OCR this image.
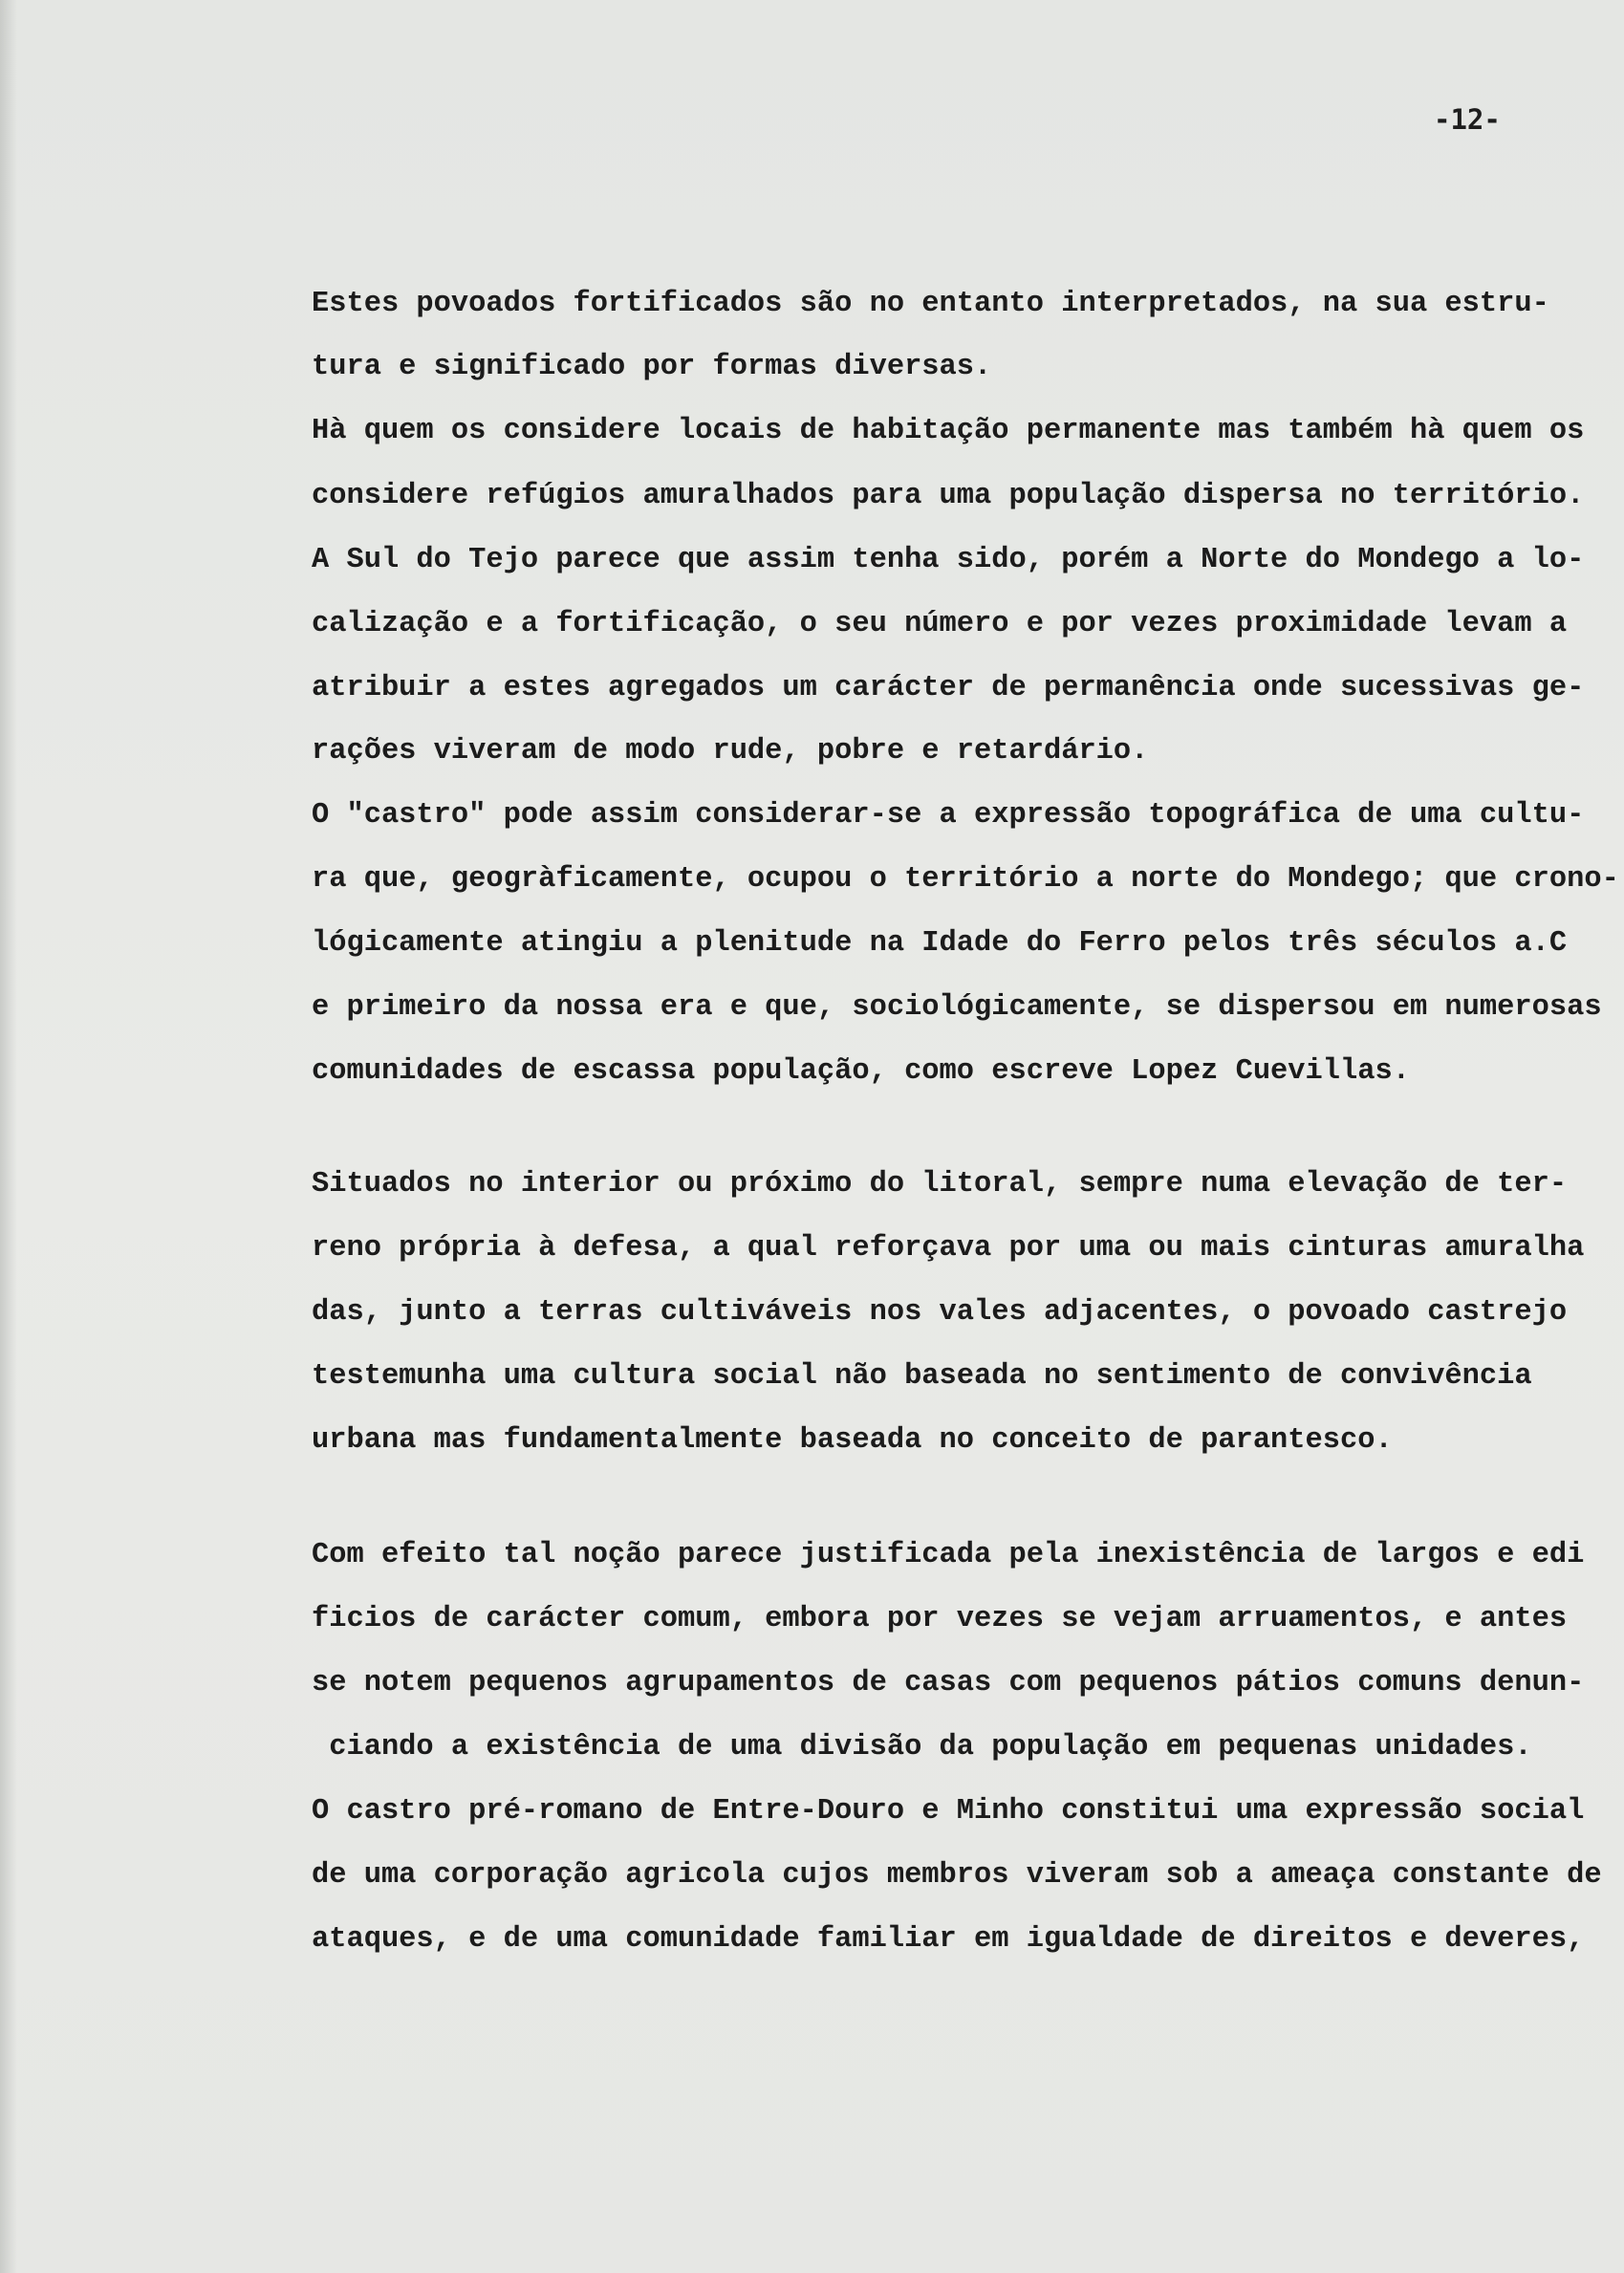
-12-

Estes povoados fortificados são no entanto interpretados, na sua estru-

tura e significado por formas diversas.

Hà quem os considere locais de habitação permanente mas também hà quem os

considere refúgios amuralhados para uma população dispersa no território.

A Sul do Tejo parece que assim tenha sido, porém a Norte do Mondego a lo-

calização e a fortificação, o seu número e por vezes proximidade levam a

atribuir a estes agregados um carácter de permanência onde sucessivas ge-

rações viveram de modo rude, pobre e retardário.

O "castro" pode assim considerar-se a expressão topográfica de uma cultu-

ra que, geogràficamente, ocupou o território a norte do Mondego; que crono-

lógicamente atingiu a plenitude na Idade do Ferro pelos três séculos a.C

e primeiro da nossa era e que, sociológicamente, se dispersou em numerosas

comunidades de escassa população, como escreve Lopez Cuevillas.

Situados no interior ou próximo do litoral, sempre numa elevação de ter-

reno própria à defesa, a qual reforçava por uma ou mais cinturas amuralha

das, junto a terras cultiváveis nos vales adjacentes, o povoado castrejo

testemunha uma cultura social não baseada no sentimento de convivência

urbana mas fundamentalmente baseada no conceito de parantesco.

Com efeito tal noção parece justificada pela inexistência de largos e edi

ficios de carácter comum, embora por vezes se vejam arruamentos, e antes

se notem pequenos agrupamentos de casas com pequenos pátios comuns denun-

ciando a existência de uma divisão da população em pequenas unidades.

O castro pré-romano de Entre-Douro e Minho constitui uma expressão social

de uma corporação agricola cujos membros viveram sob a ameaça constante de

ataques, e de uma comunidade familiar em igualdade de direitos e deveres,
